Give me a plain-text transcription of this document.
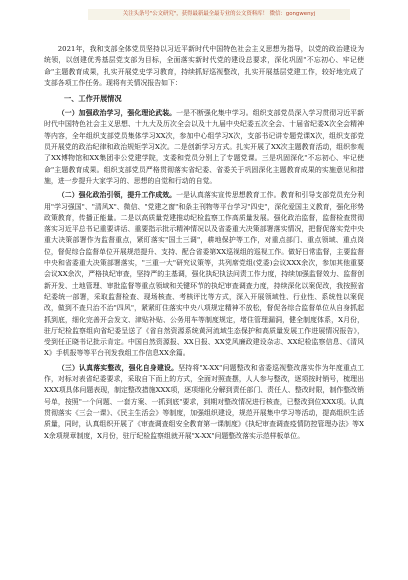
关注头条号"公文研究"，获得最新最全最专业的公文资料库！ 微信：gongwenyj

2021年，我和支部全体党员坚持以习近平新时代中国特色社会主义思想为指导，以党的政治建设为统领，以创建优秀基层党支部为目标，全面落实新时代党的建设总要求，深化巩固"不忘初心、牢记使命"主题教育成果，扎实开展党史学习教育，持续抓好巡视整改，扎实开展基层党建工作，较好地完成了支部各项工作任务。现将有关情况报告如下：

一、工作开展情况

（一）加强政治学习，强化理论武装。一是不断强化集中学习。组织支部党员深入学习贯彻习近平新时代中国特色社会主义思想、十九大及历次全会以及十九届中央纪委五次全会、十届省纪委X次全会精神等内容，全年组织支部党员集体学习XX次，参加中心组学习X次，支部书记讲专题党课X次，组织支部党员开展党的政治纪律和政治规矩学习X次。二是创新学习方式。扎实开展了XX次主题教育活动，组织参观了XX博物馆和XX集团非公党建学院，支委和党员分别上了专题党课。三是巩固深化"不忘初心、牢记使命"主题教育成果。组织支部党员严格贯彻落实省纪委、省委关于巩固深化主题教育成果的实施意见和措施，进一步提升大家学习的、思想的自觉和行动的自觉。

（二）强化政治引领，提升工作成效。一是认真落实宣传思想教育工作。教育和引导支部党员充分利用"学习强国"、"清风X"、微信、"党建之窗"和条主刊物等平台学习"四史"，深化爱国主义教育，强化形势政策教育，传播正能量。二是以高质量党建推动纪检监察工作高质量发展。强化政治监督，监督检查贯彻落实习近平总书记重要讲话、重要指示批示精神情况以及省委重大决策部署落实情况，把督促落实党中央重大决策部署作为监督重点，紧盯落实"国土三调"，耕地保护等工作，对重点部门、重点领域、重点岗位，督促综合监督单位开展规范提升、支持、配合省委第XX巡视组的巡视工作。做好日常监督，主要监督中央和省委重大决策部署落实，"三重一大"研究议策等，共列席党组(党委)会议XXX余次，参加其他重要会议XX余次，严格执纪审查，坚持严的主基调，强化执纪执法问责工作力度，持续加强监督效力、监督创新开发、土地管理、审批监督等重点领域和关键环节的执纪审查调查力度，持续深化以案促改，我按照省纪委统一部署，采取监督检查、现场核查、考核评比等方式，深入开展领域性、行业性、系统性以案促改，做到不查只治不治"四风"，紧紧盯住落实中央八项规定精神不放松，督促各综合监督单位从自身抓起抓到底，细化完善开会发文、津贴补贴、公务用车等制度规定，堵住管理漏洞，健全制度体系，X月份，驻厅纪检监察组向省纪委呈送了《省自然资源系统黄河流域生态保护和高质量发展工作进展情况报告》，受到任正晓书记批示肯定。中国自然资源报、XX日报、XX党风廉政建设杂志、XX纪检监察信息、《清风X》手机报等等平台刊发我组工作信息XX余篇。

（三）认真落实整改，强化自身建设。坚持将"X-XX"问题整改和省委巡视整改落实作为年度重点工作，对标对表省纪委要求，采取自下而上的方式，全面对照查摆，人人参与整改，逐项按时销号，梳理出XXX项具体问题表现，制定整改措施XXX项，逐项细化分解到责任部门、责任人、整改时限，制作整改销号单，按照"一个问题、一套方案、一抓到底"要求，到期对整改情况进行核查，已整改到位XXX项。认真贯彻落实《三会一课》、《民主生活会》等制度，加强组织建设，规范开展集中学习等活动，提高组织生活质量，同时，认真组织开展了《审查调查组安全教育第一课制度》《执纪审查调查疫情防控管理办法》等XX余项规章制度，X月份，驻厅纪检监察组就开展"X-XX"问题整改落实示范样板单位。
